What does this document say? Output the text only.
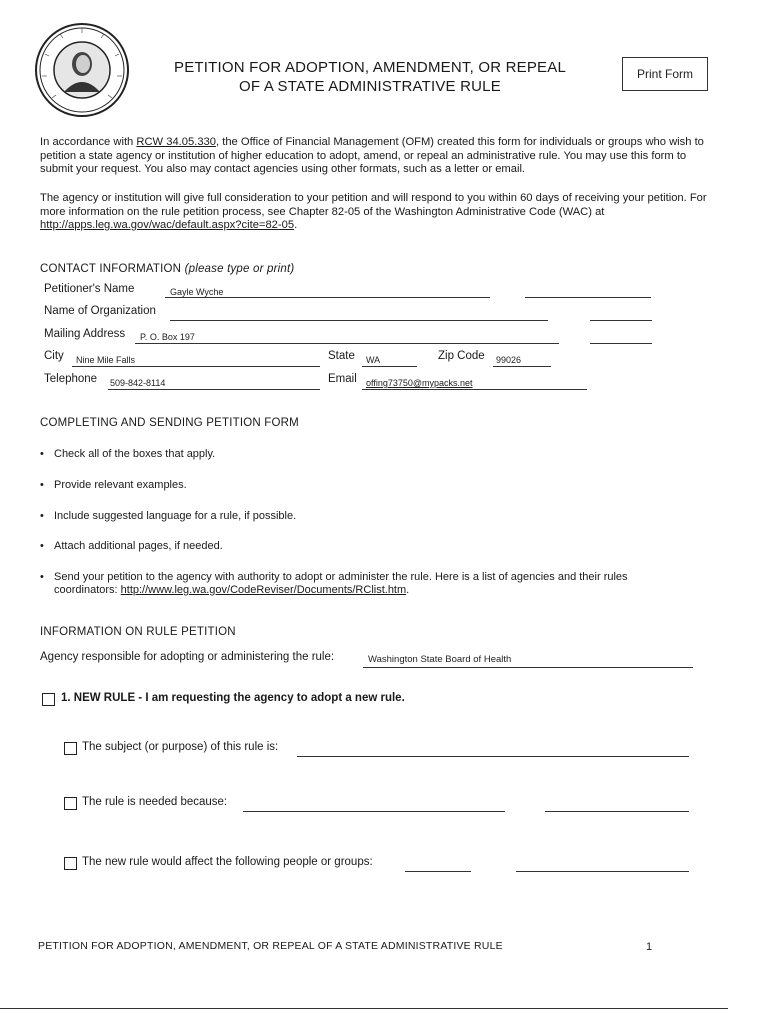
PETITION FOR ADOPTION, AMENDMENT, OR REPEAL
OF A STATE ADMINISTRATIVE RULE
Print Form
In accordance with RCW 34.05.330, the Office of Financial Management (OFM) created this form for individuals or groups who wish to petition a state agency or institution of higher education to adopt, amend, or repeal an administrative rule. You may use this form to submit your request. You also may contact agencies using other formats, such as a letter or email.
The agency or institution will give full consideration to your petition and will respond to you within 60 days of receiving your petition. For more information on the rule petition process, see Chapter 82-05 of the Washington Administrative Code (WAC) at http://apps.leg.wa.gov/wac/default.aspx?cite=82-05.
CONTACT INFORMATION (please type or print)
Petitioner's Name	Gayle Wyche
Name of Organization
Mailing Address P. O. Box 197
City Nine Mile Falls	State WA	Zip Code 99026
Telephone 509-842-8114	Email offing73750@mypacks.net
COMPLETING AND SENDING PETITION FORM
• Check all of the boxes that apply.
• Provide relevant examples.
• Include suggested language for a rule, if possible.
• Attach additional pages, if needed.
• Send your petition to the agency with authority to adopt or administer the rule. Here is a list of agencies and their rules coordinators: http://www.leg.wa.gov/CodeReviser/Documents/RClist.htm.
INFORMATION ON RULE PETITION
Agency responsible for adopting or administering the rule:	Washington State Board of Health
1. NEW RULE - I am requesting the agency to adopt a new rule.
The subject (or purpose) of this rule is:
The rule is needed because:
The new rule would affect the following people or groups:
PETITION FOR ADOPTION, AMENDMENT, OR REPEAL OF A STATE ADMINISTRATIVE RULE	1
